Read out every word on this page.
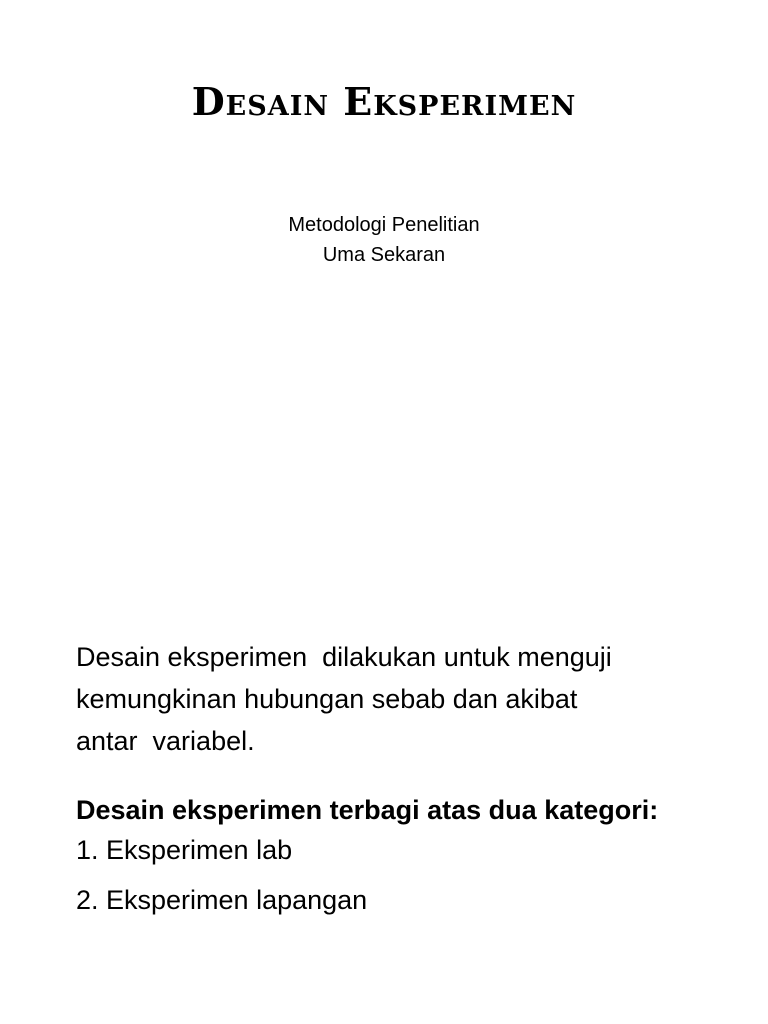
Desain Eksperimen
Metodologi Penelitian
Uma Sekaran

Desain eksperimen  dilakukan untuk menguji
kemungkinan hubungan sebab dan akibat
antar  variabel.

Desain eksperimen terbagi atas dua kategori:

1. Eksperimen lab

2. Eksperimen lapangan
